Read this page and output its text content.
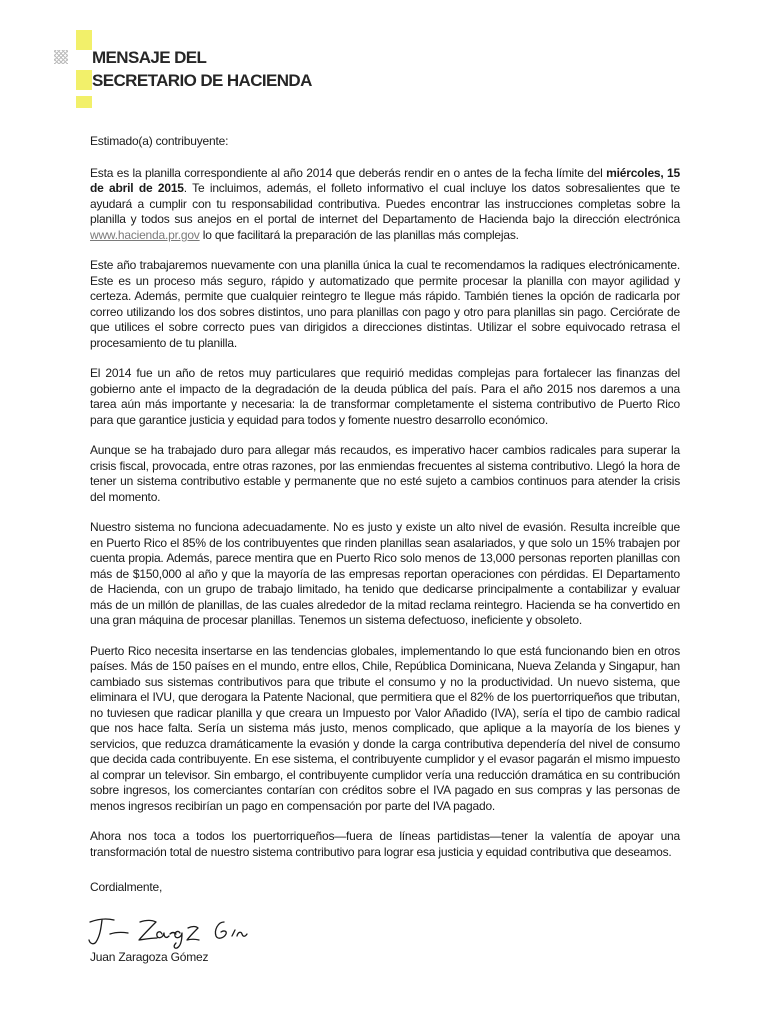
MENSAJE DEL
SECRETARIO DE HACIENDA

Estimado(a) contribuyente:

Esta es la planilla correspondiente al año 2014 que deberás rendir en o antes de la fecha límite del miércoles, 15 de abril de 2015. Te incluimos, además, el folleto informativo el cual incluye los datos sobresalientes que te ayudará a cumplir con tu responsabilidad contributiva. Puedes encontrar las instrucciones completas sobre la planilla y todos sus anejos en el portal de internet del Departamento de Hacienda bajo la dirección electrónica www.hacienda.pr.gov lo que facilitará la preparación de las planillas más complejas.

Este año trabajaremos nuevamente con una planilla única la cual te recomendamos la radiques electrónicamente. Este es un proceso más seguro, rápido y automatizado que permite procesar la planilla con mayor agilidad y certeza. Además, permite que cualquier reintegro te llegue más rápido. También tienes la opción de radicarla por correo utilizando los dos sobres distintos, uno para planillas con pago y otro para planillas sin pago. Cerciórate de que utilices el sobre correcto pues van dirigidos a direcciones distintas. Utilizar el sobre equivocado retrasa el procesamiento de tu planilla.

El 2014 fue un año de retos muy particulares que requirió medidas complejas para fortalecer las finanzas del gobierno ante el impacto de la degradación de la deuda pública del país. Para el año 2015 nos daremos a una tarea aún más importante y necesaria: la de transformar completamente el sistema contributivo de Puerto Rico para que garantice justicia y equidad para todos y fomente nuestro desarrollo económico.

Aunque se ha trabajado duro para allegar más recaudos, es imperativo hacer cambios radicales para superar la crisis fiscal, provocada, entre otras razones, por las enmiendas frecuentes al sistema contributivo. Llegó la hora de tener un sistema contributivo estable y permanente que no esté sujeto a cambios continuos para atender la crisis del momento.

Nuestro sistema no funciona adecuadamente. No es justo y existe un alto nivel de evasión. Resulta increíble que en Puerto Rico el 85% de los contribuyentes que rinden planillas sean asalariados, y que solo un 15% trabajen por cuenta propia. Además, parece mentira que en Puerto Rico solo menos de 13,000 personas reporten planillas con más de $150,000 al año y que la mayoría de las empresas reportan operaciones con pérdidas. El Departamento de Hacienda, con un grupo de trabajo limitado, ha tenido que dedicarse principalmente a contabilizar y evaluar más de un millón de planillas, de las cuales alrededor de la mitad reclama reintegro. Hacienda se ha convertido en una gran máquina de procesar planillas. Tenemos un sistema defectuoso, ineficiente y obsoleto.

Puerto Rico necesita insertarse en las tendencias globales, implementando lo que está funcionando bien en otros países. Más de 150 países en el mundo, entre ellos, Chile, República Dominicana, Nueva Zelanda y Singapur, han cambiado sus sistemas contributivos para que tribute el consumo y no la productividad. Un nuevo sistema, que eliminara el IVU, que derogara la Patente Nacional, que permitiera que el 82% de los puertorriqueños que tributan, no tuviesen que radicar planilla y que creara un Impuesto por Valor Añadido (IVA), sería el tipo de cambio radical que nos hace falta. Sería un sistema más justo, menos complicado, que aplique a la mayoría de los bienes y servicios, que reduzca dramáticamente la evasión y donde la carga contributiva dependería del nivel de consumo que decida cada contribuyente. En ese sistema, el contribuyente cumplidor y el evasor pagarán el mismo impuesto al comprar un televisor. Sin embargo, el contribuyente cumplidor vería una reducción dramática en su contribución sobre ingresos, los comerciantes contarían con créditos sobre el IVA pagado en sus compras y las personas de menos ingresos recibirían un pago en compensación por parte del IVA pagado.

Ahora nos toca a todos los puertorriqueños—fuera de líneas partidistas—tener la valentía de apoyar una transformación total de nuestro sistema contributivo para lograr esa justicia y equidad contributiva que deseamos.

Cordialmente,

Juan Zaragoza Gómez
